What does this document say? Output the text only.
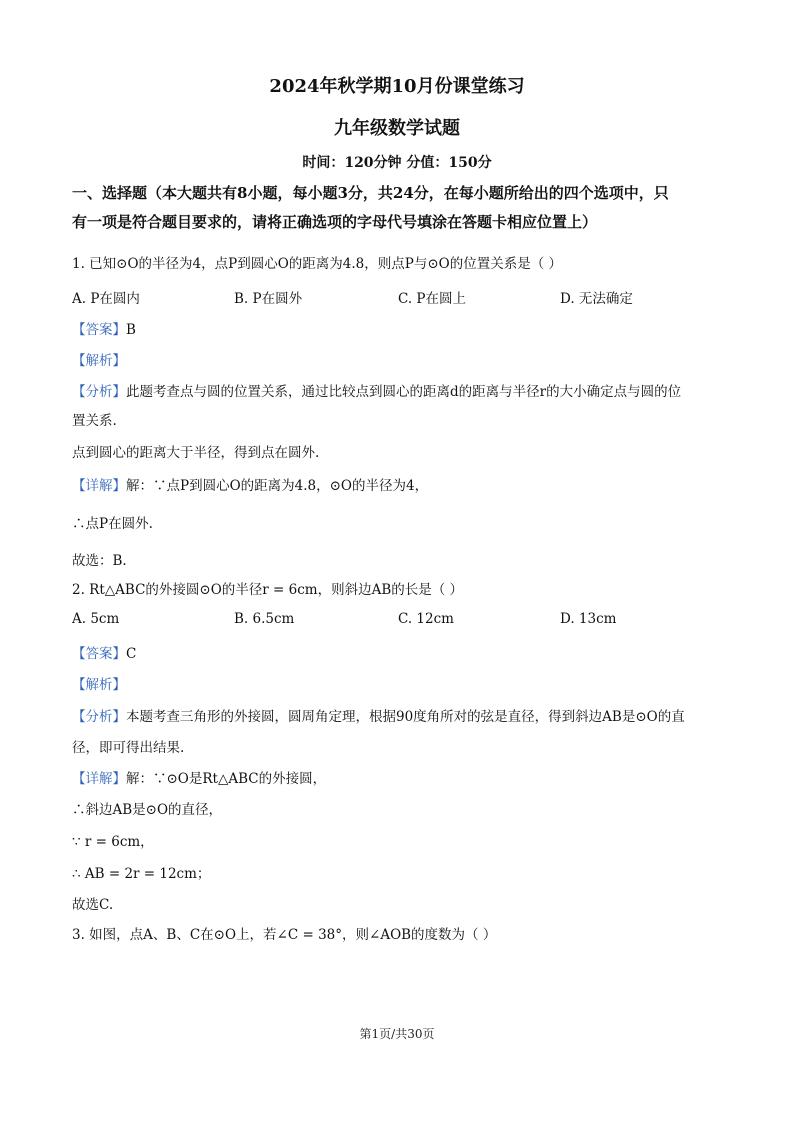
2024年秋学期10月份课堂练习
九年级数学试题
时间：120分钟 分值：150分
一、选择题（本大题共有8小题，每小题3分，共24分，在每小题所给出的四个选项中，只
有一项是符合题目要求的，请将正确选项的字母代号填涂在答题卡相应位置上）
1. 已知⊙O的半径为4，点P到圆心O的距离为4.8，则点P与⊙O的位置关系是（ ）
A. P在圆内	B. P在圆外	C. P在圆上	D. 无法确定
【答案】B
【解析】
【分析】此题考查点与圆的位置关系，通过比较点到圆心的距离d的距离与半径r的大小确定点与圆的位
置关系.
点到圆心的距离大于半径，得到点在圆外.
【详解】解：∵点P到圆心O的距离为4.8，⊙O的半径为4，
∴点P在圆外.
故选：B.
2. Rt△ABC的外接圆⊙O的半径r = 6cm，则斜边AB的长是（ ）
A. 5cm	B. 6.5cm	C. 12cm	D. 13cm
【答案】C
【解析】
【分析】本题考查三角形的外接圆，圆周角定理，根据90度角所对的弦是直径，得到斜边AB是⊙O的直
径，即可得出结果.
【详解】解：∵⊙O是Rt△ABC的外接圆，
∴斜边AB是⊙O的直径，
∵ r = 6cm，
∴ AB = 2r = 12cm；
故选C.
3. 如图，点A、B、C在⊙O上，若∠C = 38°，则∠AOB的度数为（ ）
第1页/共30页
